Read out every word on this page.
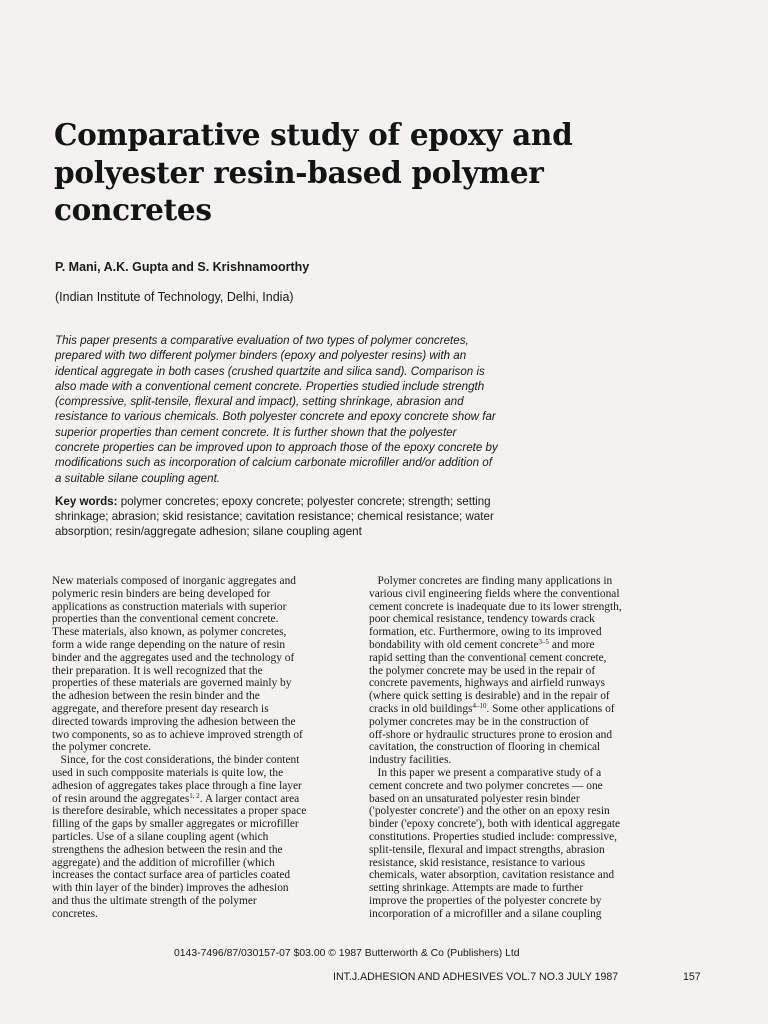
Comparative study of epoxy and
polyester resin-based polymer
concretes

P. Mani, A.K. Gupta and S. Krishnamoorthy

(Indian Institute of Technology, Delhi, India)

This paper presents a comparative evaluation of two types of polymer concretes,
prepared with two different polymer binders (epoxy and polyester resins) with an
identical aggregate in both cases (crushed quartzite and silica sand). Comparison is
also made with a conventional cement concrete. Properties studied include strength
(compressive, split-tensile, flexural and impact), setting shrinkage, abrasion and
resistance to various chemicals. Both polyester concrete and epoxy concrete show far
superior properties than cement concrete. It is further shown that the polyester
concrete properties can be improved upon to approach those of the epoxy concrete by
modifications such as incorporation of calcium carbonate microfiller and/or addition of
a suitable silane coupling agent.
Key words: polymer concretes; epoxy concrete; polyester concrete; strength; setting
shrinkage; abrasion; skid resistance; cavitation resistance; chemical resistance; water
absorption; resin/aggregate adhesion; silane coupling agent
New materials composed of inorganic aggregates and
polymeric resin binders are being developed for
applications as construction materials with superior
properties than the conventional cement concrete.
These materials, also known, as polymer concretes,
form a wide range depending on the nature of resin
binder and the aggregates used and the technology of
their preparation. It is well recognized that the
properties of these materials are governed mainly by
the adhesion between the resin binder and the
aggregate, and therefore present day research is
directed towards improving the adhesion between the
two components, so as to achieve improved strength of
the polymer concrete.
Since, for the cost considerations, the binder content
used in such compposite materials is quite low, the
adhesion of aggregates takes place through a fine layer
of resin around the aggregates$^{1, 2}$. A larger contact area
is therefore desirable, which necessitates a proper space
filling of the gaps by smaller aggregates or microfiller
particles. Use of a silane coupling agent (which
strengthens the adhesion between the resin and the
aggregate) and the addition of microfiller (which
increases the contact surface area of particles coated
with thin layer of the binder) improves the adhesion
and thus the ultimate strength of the polymer
concretes.
Polymer concretes are finding many applications in
various civil engineering fields where the conventional
cement concrete is inadequate due to its lower strength,
poor chemical resistance, tendency towards crack
formation, etc. Furthermore, owing to its improved
bondability with old cement concrete$^{3-5}$ and more
rapid setting than the conventional cement concrete,
the polymer concrete may be used in the repair of
concrete pavements, highways and airfield runways
(where quick setting is desirable) and in the repair of
cracks in old buildings$^{4-10}$. Some other applications of
polymer concretes may be in the construction of
off-shore or hydraulic structures prone to erosion and
cavitation, the construction of flooring in chemical
industry facilities.
In this paper we present a comparative study of a
cement concrete and two polymer concretes — one
based on an unsaturated polyester resin binder
('polyester concrete') and the other on an epoxy resin
binder ('epoxy concrete'), both with identical aggregate
constitutions. Properties studied include: compressive,
split-tensile, flexural and impact strengths, abrasion
resistance, skid resistance, resistance to various
chemicals, water absorption, cavitation resistance and
setting shrinkage. Attempts are made to further
improve the properties of the polyester concrete by
incorporation of a microfiller and a silane coupling

0143-7496/87/030157-07 $03.00 © 1987 Butterworth & Co (Publishers) Ltd

INT.J.ADHESION AND ADHESIVES VOL.7 NO.3 JULY 1987	157
